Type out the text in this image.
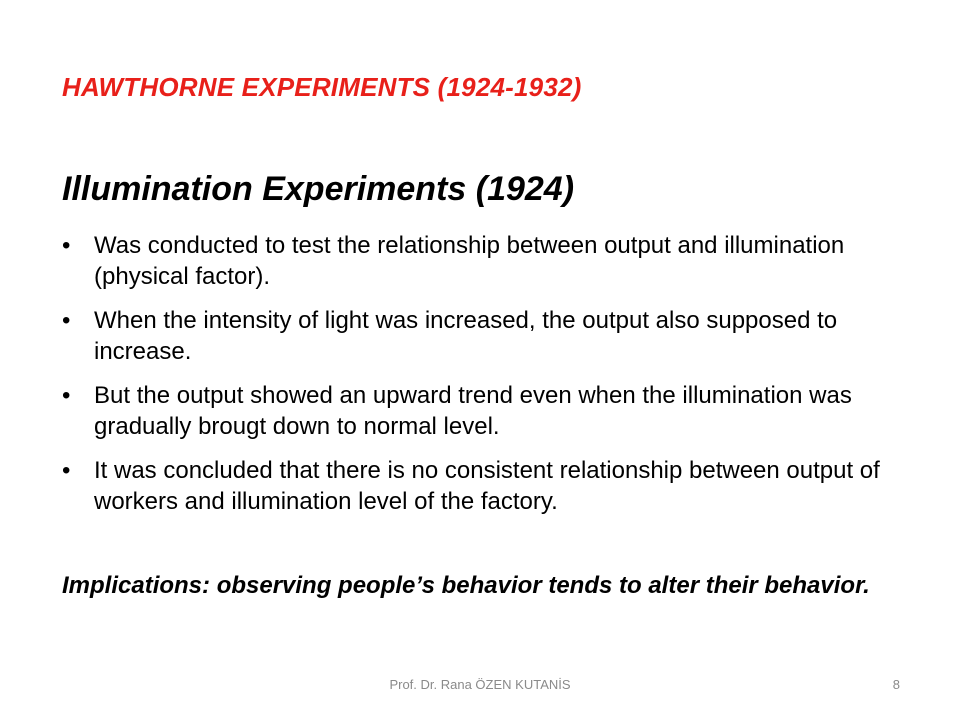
HAWTHORNE EXPERIMENTS (1924-1932)
Illumination Experiments (1924)
• Was conducted to test the relationship between output and illumination (physical factor).
• When the intensity of light was increased, the output also supposed to increase.
• But the output showed an upward trend even when the illumination was gradually brougt down to normal level.
• It was concluded that there is no consistent relationship between output of workers and illumination level of the factory.
Implications: observing people’s behavior tends to alter their behavior.
Prof. Dr. Rana ÖZEN KUTANİS	8
